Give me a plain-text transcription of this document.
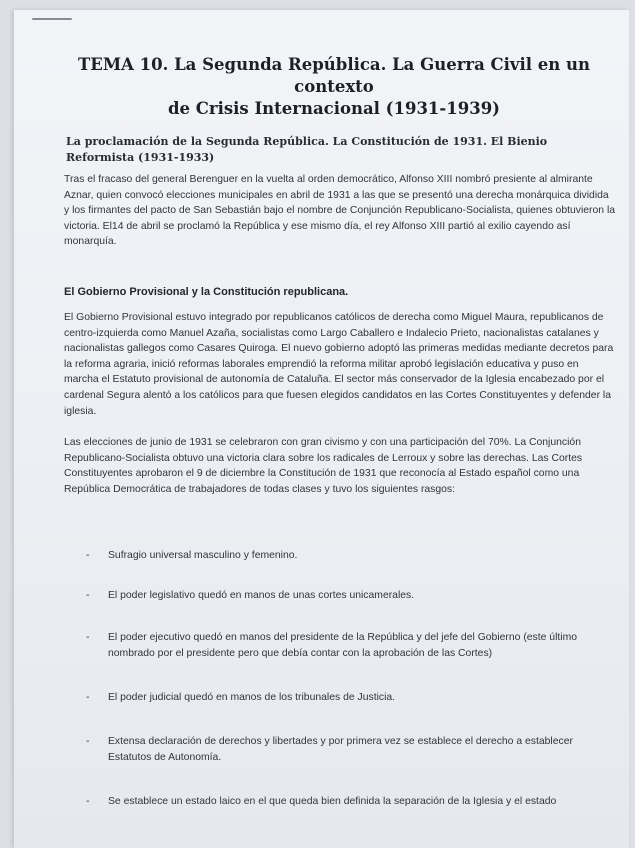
TEMA 10. La Segunda República. La Guerra Civil en un contexto
de Crisis Internacional (1931-1939)
La proclamación de la Segunda República. La Constitución de 1931. El Bienio Reformista (1931-1933)

Tras el fracaso del general Berenguer en la vuelta al orden democrático, Alfonso XIII nombró presiente al almirante Aznar, quien convocó elecciones municipales en abril de 1931 a las que se presentó una derecha monárquica dividida y los firmantes del pacto de San Sebastián bajo el nombre de Conjunción Republicano-Socialista, quienes obtuvieron la victoria. El14 de abril se proclamó la República y ese mismo día, el rey Alfonso XIII partió al exilio cayendo así monarquía.

El Gobierno Provisional y la Constitución republicana.

El Gobierno Provisional estuvo integrado por republicanos católicos de derecha como Miguel Maura, republicanos de centro-izquierda como Manuel Azaña, socialistas como Largo Caballero e Indalecio Prieto, nacionalistas catalanes y nacionalistas gallegos como Casares Quiroga. El nuevo gobierno adoptó las primeras medidas mediante decretos para la reforma agraria, inició reformas laborales emprendió la reforma militar aprobó legislación educativa y puso en marcha el Estatuto provisional de autonomía de Cataluña. El sector más conservador de la Iglesia encabezado por el cardenal Segura alentó a los católicos para que fuesen elegidos candidatos en las Cortes Constituyentes y defender la iglesia.

Las elecciones de junio de 1931 se celebraron con gran civismo y con una participación del 70%. La Conjunción Republicano-Socialista obtuvo una victoria clara sobre los radicales de Lerroux y sobre las derechas. Las Cortes Constituyentes aprobaron el 9 de diciembre la Constitución de 1931 que reconocía al Estado español como una República Democrática de trabajadores de todas clases y tuvo los siguientes rasgos:

- Sufragio universal masculino y femenino.
- El poder legislativo quedó en manos de unas cortes unicamerales.
- El poder ejecutivo quedó en manos del presidente de la República y del jefe del Gobierno (este último nombrado por el presidente pero que debía contar con la aprobación de las Cortes)
- El poder judicial quedó en manos de los tribunales de Justicia.
- Extensa declaración de derechos y libertades y por primera vez se establece el derecho a establecer Estatutos de Autonomía.
- Se establece un estado laico en el que queda bien definida la separación de la Iglesia y el estado
